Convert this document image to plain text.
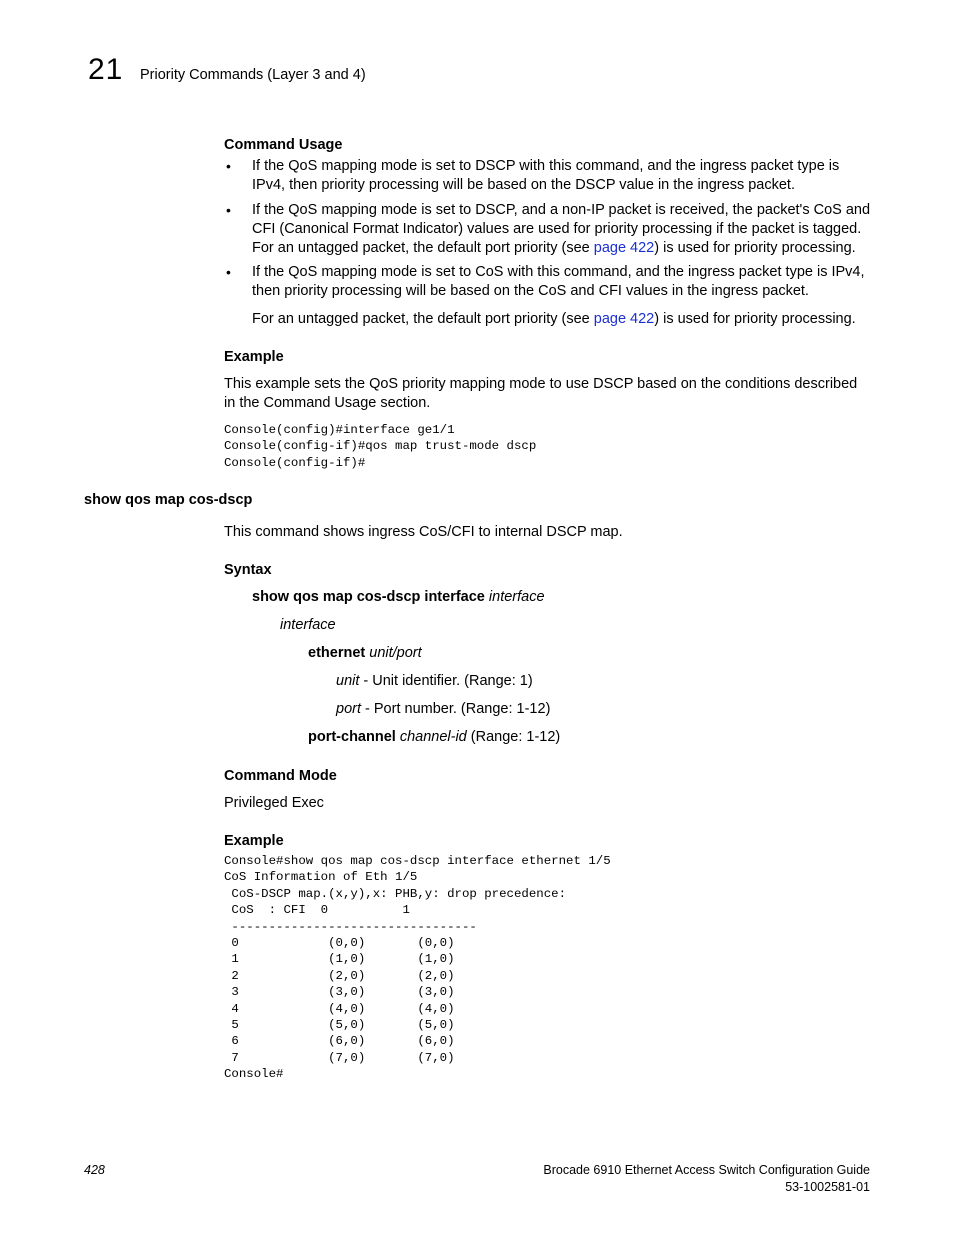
21 Priority Commands (Layer 3 and 4)
Command Usage
• If the QoS mapping mode is set to DSCP with this command, and the ingress packet type is IPv4, then priority processing will be based on the DSCP value in the ingress packet.
• If the QoS mapping mode is set to DSCP, and a non-IP packet is received, the packet's CoS and CFI (Canonical Format Indicator) values are used for priority processing if the packet is tagged. For an untagged packet, the default port priority (see page 422) is used for priority processing.
• If the QoS mapping mode is set to CoS with this command, and the ingress packet type is IPv4, then priority processing will be based on the CoS and CFI values in the ingress packet.
For an untagged packet, the default port priority (see page 422) is used for priority processing.
Example
This example sets the QoS priority mapping mode to use DSCP based on the conditions described in the Command Usage section.
Console(config)#interface ge1/1
Console(config-if)#qos map trust-mode dscp
Console(config-if)#
show qos map cos-dscp
This command shows ingress CoS/CFI to internal DSCP map.
Syntax
show qos map cos-dscp interface interface
interface
ethernet unit/port
unit - Unit identifier. (Range: 1)
port - Port number. (Range: 1-12)
port-channel channel-id (Range: 1-12)
Command Mode
Privileged Exec
Example
Console#show qos map cos-dscp interface ethernet 1/5
CoS Information of Eth 1/5
CoS-DSCP map.(x,y),x: PHB,y: drop precedence:
CoS  : CFI  0          1
---------------------------------
0            (0,0)       (0,0)
1            (1,0)       (1,0)
2            (2,0)       (2,0)
3            (3,0)       (3,0)
4            (4,0)       (4,0)
5            (5,0)       (5,0)
6            (6,0)       (6,0)
7            (7,0)       (7,0)
Console#
428	Brocade 6910 Ethernet Access Switch Configuration Guide
53-1002581-01
